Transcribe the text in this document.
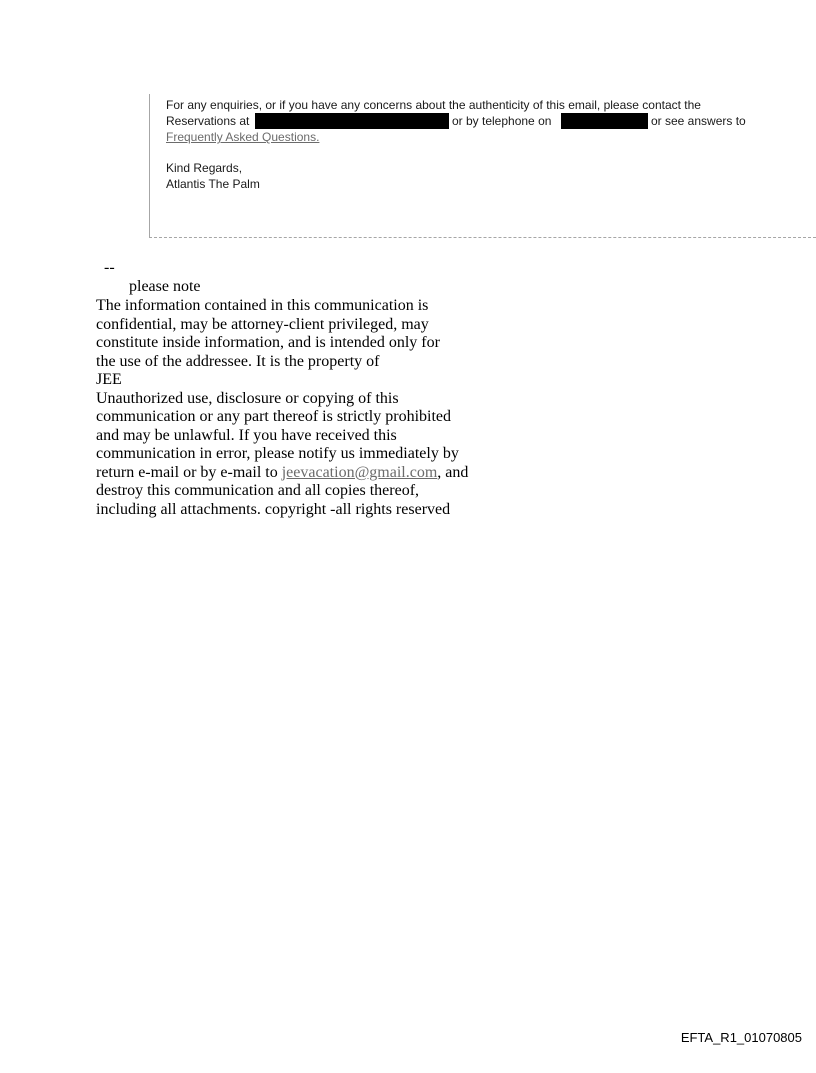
For any enquiries, or if you have any concerns about the authenticity of this email, please contact the
Reservations at	or by telephone on	or see answers to
Frequently Asked Questions.
Kind Regards,
Atlantis The Palm
--
please note
The information contained in this communication is
confidential, may be attorney-client privileged, may
constitute inside information, and is intended only for
the use of the addressee. It is the property of
JEE
Unauthorized use, disclosure or copying of this
communication or any part thereof is strictly prohibited
and may be unlawful. If you have received this
communication in error, please notify us immediately by
return e-mail or by e-mail to jeevacation@gmail.com, and
destroy this communication and all copies thereof,
including all attachments. copyright -all rights reserved
EFTA_R1_01070805
